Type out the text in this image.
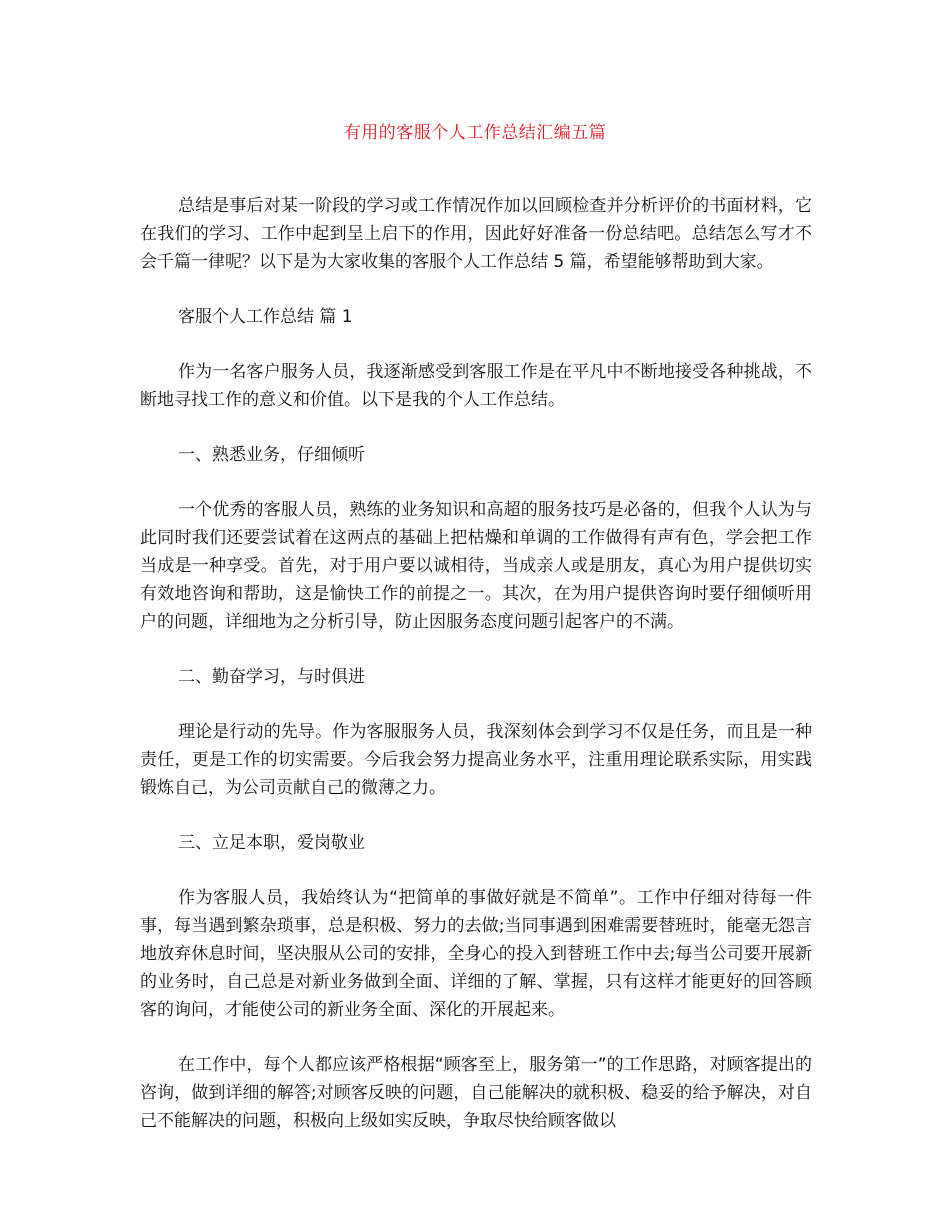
有用的客服个人工作总结汇编五篇

总结是事后对某一阶段的学习或工作情况作加以回顾检查并分析评价的书面材料，它在我们的学习、工作中起到呈上启下的作用，因此好好准备一份总结吧。总结怎么写才不会千篇一律呢？以下是为大家收集的客服个人工作总结 5 篇，希望能够帮助到大家。

客服个人工作总结 篇 1

作为一名客户服务人员，我逐渐感受到客服工作是在平凡中不断地接受各种挑战，不断地寻找工作的意义和价值。以下是我的个人工作总结。

一、熟悉业务，仔细倾听

一个优秀的客服人员，熟练的业务知识和高超的服务技巧是必备的，但我个人认为与此同时我们还要尝试着在这两点的基础上把枯燥和单调的工作做得有声有色，学会把工作当成是一种享受。首先，对于用户要以诚相待，当成亲人或是朋友，真心为用户提供切实有效地咨询和帮助，这是愉快工作的前提之一。其次，在为用户提供咨询时要仔细倾听用户的问题，详细地为之分析引导，防止因服务态度问题引起客户的不满。

二、勤奋学习，与时俱进

理论是行动的先导。作为客服服务人员，我深刻体会到学习不仅是任务，而且是一种责任，更是工作的切实需要。今后我会努力提高业务水平，注重用理论联系实际，用实践锻炼自己，为公司贡献自己的微薄之力。

三、立足本职，爱岗敬业

作为客服人员，我始终认为“把简单的事做好就是不简单”。工作中仔细对待每一件事，每当遇到繁杂琐事，总是积极、努力的去做;当同事遇到困难需要替班时，能毫无怨言地放弃休息时间，坚决服从公司的安排，全身心的投入到替班工作中去;每当公司要开展新的业务时，自己总是对新业务做到全面、详细的了解、掌握，只有这样才能更好的回答顾客的询问，才能使公司的新业务全面、深化的开展起来。

在工作中，每个人都应该严格根据“顾客至上，服务第一”的工作思路，对顾客提出的咨询，做到详细的解答;对顾客反映的问题，自己能解决的就积极、稳妥的给予解决，对自己不能解决的问题，积极向上级如实反映，争取尽快给顾客做以
